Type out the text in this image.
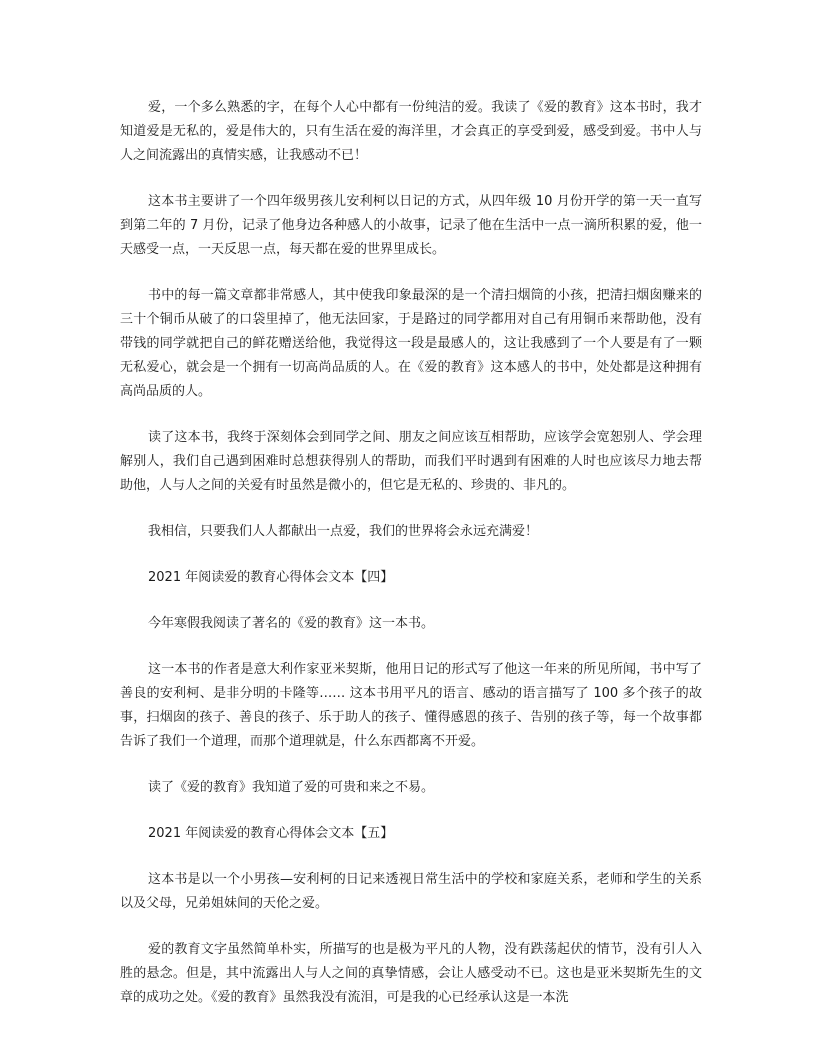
爱，一个多么熟悉的字，在每个人心中都有一份纯洁的爱。我读了《爱的教育》这本书时，我才知道爱是无私的，爱是伟大的，只有生活在爱的海洋里，才会真正的享受到爱，感受到爱。书中人与人之间流露出的真情实感，让我感动不已！

这本书主要讲了一个四年级男孩儿安利柯以日记的方式，从四年级 10 月份开学的第一天一直写到第二年的 7 月份，记录了他身边各种感人的小故事，记录了他在生活中一点一滴所积累的爱，他一天感受一点，一天反思一点，每天都在爱的世界里成长。

书中的每一篇文章都非常感人，其中使我印象最深的是一个清扫烟筒的小孩，把清扫烟囱赚来的三十个铜币从破了的口袋里掉了，他无法回家，于是路过的同学都用对自己有用铜币来帮助他，没有带钱的同学就把自己的鲜花赠送给他，我觉得这一段是最感人的，这让我感到了一个人要是有了一颗无私爱心，就会是一个拥有一切高尚品质的人。在《爱的教育》这本感人的书中，处处都是这种拥有高尚品质的人。

读了这本书，我终于深刻体会到同学之间、朋友之间应该互相帮助，应该学会宽恕别人、学会理解别人，我们自己遇到困难时总想获得别人的帮助，而我们平时遇到有困难的人时也应该尽力地去帮助他，人与人之间的关爱有时虽然是微小的，但它是无私的、珍贵的、非凡的。

我相信，只要我们人人都献出一点爱，我们的世界将会永远充满爱！

2021 年阅读爱的教育心得体会文本【四】

今年寒假我阅读了著名的《爱的教育》这一本书。

这一本书的作者是意大利作家亚米契斯，他用日记的形式写了他这一年来的所见所闻，书中写了善良的安利柯、是非分明的卡隆等…… 这本书用平凡的语言、感动的语言描写了 100 多个孩子的故事，扫烟囱的孩子、善良的孩子、乐于助人的孩子、懂得感恩的孩子、告别的孩子等，每一个故事都告诉了我们一个道理，而那个道理就是，什么东西都离不开爱。

读了《爱的教育》我知道了爱的可贵和来之不易。

2021 年阅读爱的教育心得体会文本【五】

这本书是以一个小男孩—安利柯的日记来透视日常生活中的学校和家庭关系，老师和学生的关系以及父母，兄弟姐妹间的天伦之爱。

爱的教育文字虽然简单朴实，所描写的也是极为平凡的人物，没有跌荡起伏的情节，没有引人入胜的悬念。但是，其中流露出人与人之间的真挚情感，会让人感受动不已。这也是亚米契斯先生的文章的成功之处。《爱的教育》虽然我没有流泪，可是我的心已经承认这是一本洗
